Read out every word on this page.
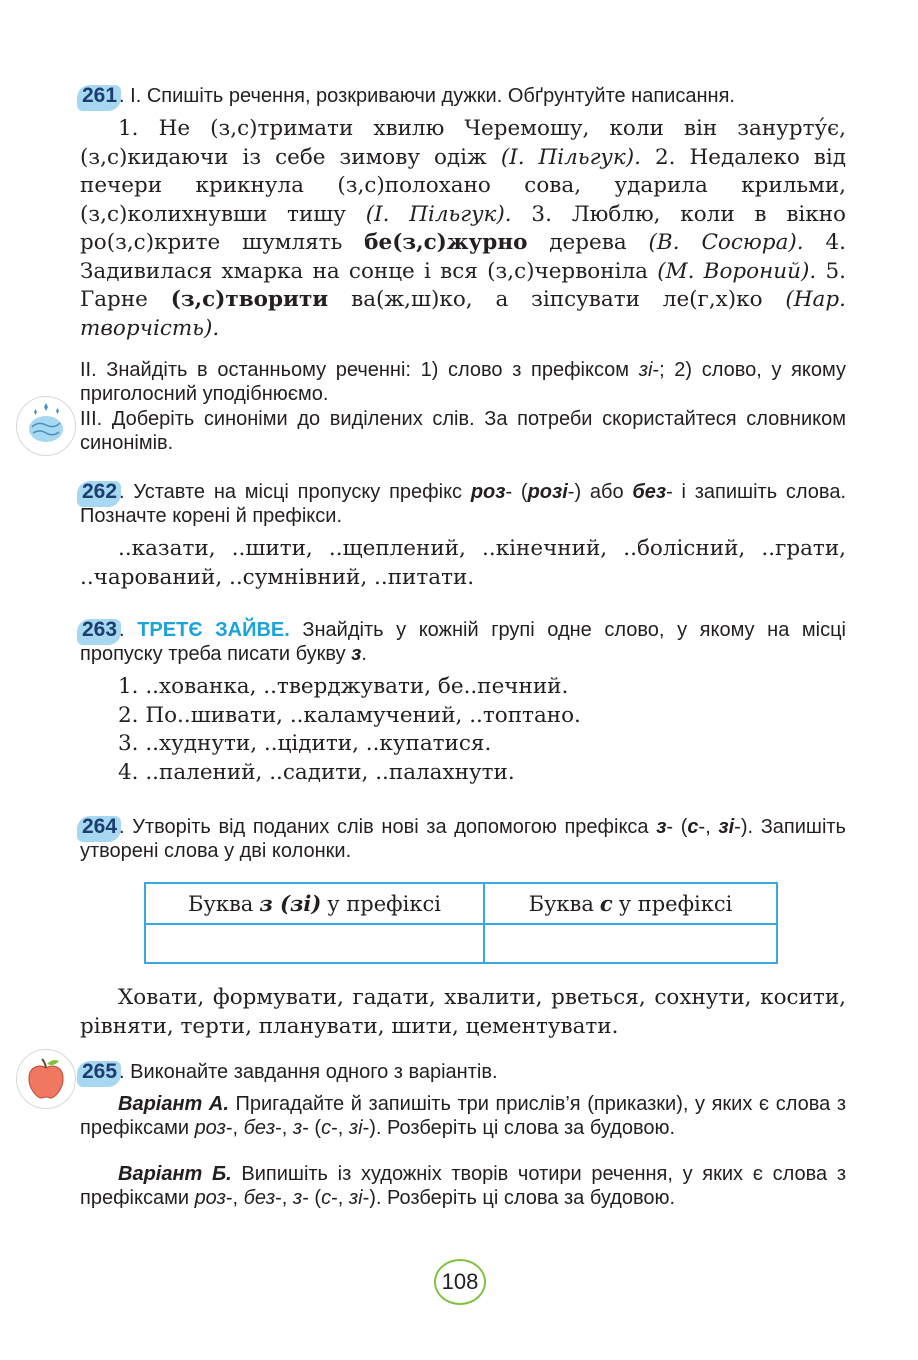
261 . І. Спишіть речення, розкриваючи дужки. Обґрунтуйте написання.
1. Не (з,с)тримати хвилю Черемошу, коли він занурту́є, (з,с)кидаючи із себе зимову одіж (І. Пільгук). 2. Недалеко від печери крикнула (з,с)полохано сова, ударила крильми, (з,с)колихнувши тишу (І. Пільгук). 3. Люблю, коли в вікно ро(з,с)крите шумлять бе(з,с)журно дерева (В. Сосюра). 4. Задивилася хмарка на сонце і вся (з,с)червоніла (М. Вороний). 5. Гарне (з,с)творити ва(ж,ш)ко, а зіпсувати ле(г,х)ко (Нар. творчість).
ІІ. Знайдіть в останньому реченні: 1) слово з префіксом зі-; 2) слово, у якому приголосний уподібнюємо.
ІІІ. Доберіть синоніми до виділених слів. За потреби скористайтеся словником синонімів.
262 . Уставте на місці пропуску префікс роз- (розі-) або без- і запишіть слова. Позначте корені й префікси.
..казати, ..шити, ..щеплений, ..кінечний, ..болісний, ..грати, ..чарований, ..сумнівний, ..питати.
263 . ТРЕТЄ ЗАЙВЕ. Знайдіть у кожній групі одне слово, у якому на місці пропуску треба писати букву з.

1. ..хованка, ..тверджувати, бе..печний.

2. По..шивати, ..каламучений, ..топтано.

3. ..худнути, ..цідити, ..купатися.

4. ..палений, ..садити, ..палахнути.

264 . Утворіть від поданих слів нові за допомогою префікса з- (с-, зі-). Запишіть утворені слова у дві колонки.
Буква з (зі) у префіксі	Буква с у префіксі
Ховати, формувати, гадати, хвалити, рветься, сохнути, косити, рівняти, терти, планувати, шити, цементувати.
265 . Виконайте завдання одного з варіантів.
Варіант А. Пригадайте й запишіть три прислів’я (приказки), у яких є слова з префіксами роз-, без-, з- (с-, зі-). Розберіть ці слова за будовою.
Варіант Б. Випишіть із художніх творів чотири речення, у яких є слова з префіксами роз-, без-, з- (с-, зі-). Розберіть ці слова за будовою.
108
